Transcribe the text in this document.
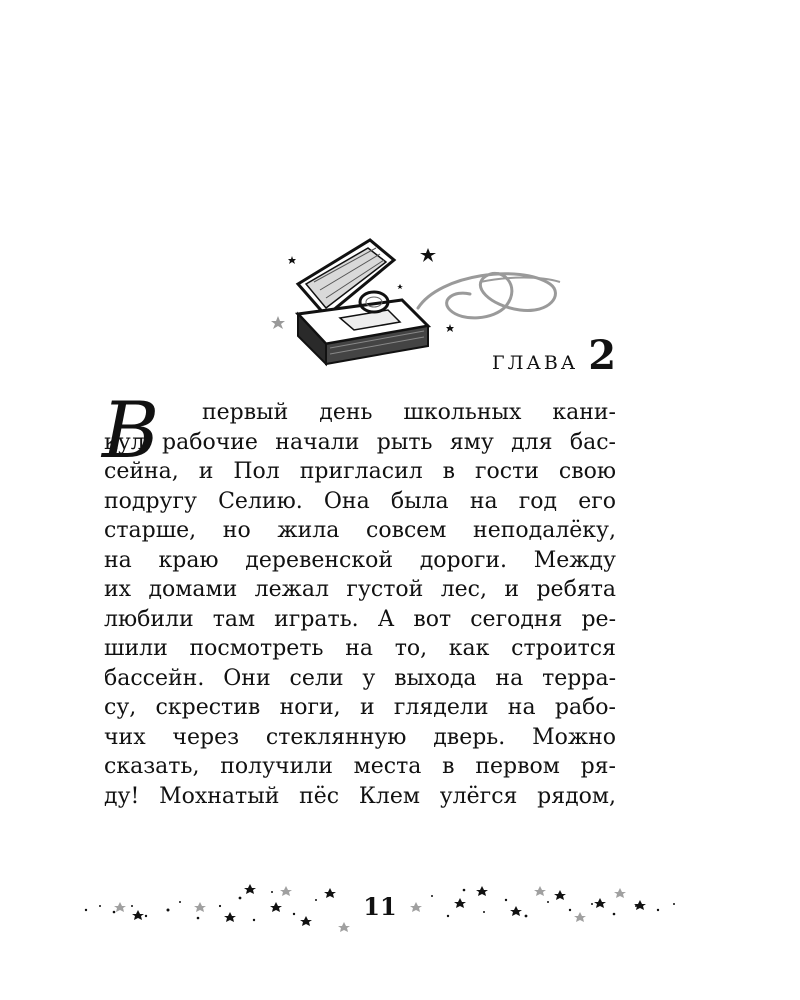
ГЛАВА 2
В первый день школьных кани-
кул рабочие начали рыть яму для бас-
сейна, и Пол пригласил в гости свою
подругу Селию. Она была на год его
старше, но жила совсем неподалёку,
на краю деревенской дороги. Между
их домами лежал густой лес, и ребята
любили там играть. А вот сегодня ре-
шили посмотреть на то, как строится
бассейн. Они сели у выхода на терра-
су, скрестив ноги, и глядели на рабо-
чих через стеклянную дверь. Можно
сказать, получили места в первом ря-
ду! Мохнатый пёс Клем улёгся рядом,
11
